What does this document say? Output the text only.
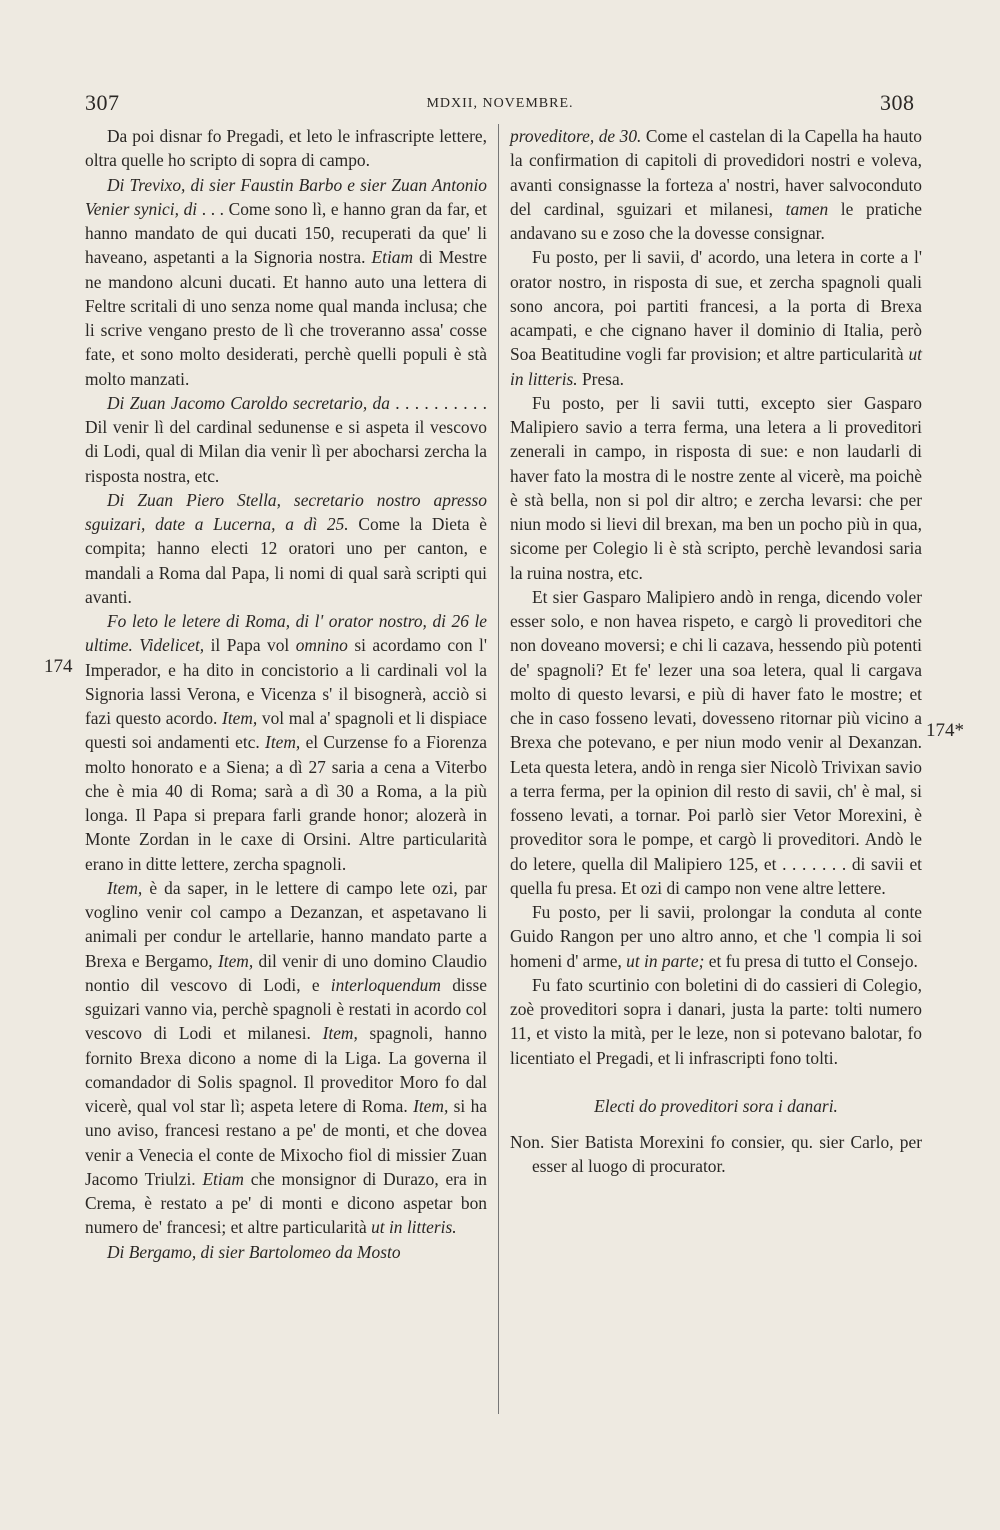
307	MDXII, NOVEMBRE.	308
174
174*

Da poi disnar fo Pregadi, et leto le infrascripte lettere, oltra quelle ho scripto di sopra di campo.

Di Trevixo, di sier Faustin Barbo e sier Zuan Antonio Venier synici, di . . . Come sono lì, e hanno gran da far, et hanno mandato de qui ducati 150, recuperati da que' li haveano, aspetanti a la Signoria nostra. Etiam di Mestre ne mandono alcuni ducati. Et hanno auto una lettera di Feltre scritali di uno senza nome qual manda inclusa; che li scrive vengano presto de lì che troveranno assa' cosse fate, et sono molto desiderati, perchè quelli populi è stà molto manzati.

Di Zuan Jacomo Caroldo secretario, da . . . . . . . . . . Dil venir lì del cardinal sedunense e si aspeta il vescovo di Lodi, qual di Milan dia venir lì per abocharsi zercha la risposta nostra, etc.

Di Zuan Piero Stella, secretario nostro apresso sguizari, date a Lucerna, a dì 25. Come la Dieta è compita; hanno electi 12 oratori uno per canton, e mandali a Roma dal Papa, li nomi di qual sarà scripti qui avanti.

Fo leto le letere di Roma, di l' orator nostro, di 26 le ultime. Videlicet, il Papa vol omnino si acordamo con l' Imperador, e ha dito in concistorio a li cardinali vol la Signoria lassi Verona, e Vicenza s' il bisognerà, acciò si fazi questo acordo. Item, vol mal a' spagnoli et li dispiace questi soi andamenti etc. Item, el Curzense fo a Fiorenza molto honorato e a Siena; a dì 27 saria a cena a Viterbo che è mia 40 di Roma; sarà a dì 30 a Roma, a la più longa. Il Papa si prepara farli grande honor; alozerà in Monte Zordan in le caxe di Orsini. Altre particularità erano in ditte lettere, zercha spagnoli.

Item, è da saper, in le lettere di campo lete ozi, par voglino venir col campo a Dezanzan, et aspetavano li animali per condur le artellarie, hanno mandato parte a Brexa e Bergamo, Item, dil venir di uno domino Claudio nontio dil vescovo di Lodi, e interloquendum disse sguizari vanno via, perchè spagnoli è restati in acordo col vescovo di Lodi et milanesi. Item, spagnoli, hanno fornito Brexa dicono a nome di la Liga. La governa il comandador di Solis spagnol. Il proveditor Moro fo dal vicerè, qual vol star lì; aspeta letere di Roma. Item, si ha uno aviso, francesi restano a pe' de monti, et che dovea venir a Venecia el conte de Mixocho fiol di missier Zuan Jacomo Triulzi. Etiam che monsignor di Durazo, era in Crema, è restato a pe' di monti e dicono aspetar bon numero de' francesi; et altre particularità ut in litteris.

Di Bergamo, di sier Bartolomeo da Mosto

proveditore, de 30. Come el castelan di la Capella ha hauto la confirmation di capitoli di provedidori nostri e voleva, avanti consignasse la forteza a' nostri, haver salvoconduto del cardinal, sguizari et milanesi, tamen le pratiche andavano su e zoso che la dovesse consignar.

Fu posto, per li savii, d' acordo, una letera in corte a l' orator nostro, in risposta di sue, et zercha spagnoli quali sono ancora, poi partiti francesi, a la porta di Brexa acampati, e che cignano haver il dominio di Italia, però Soa Beatitudine vogli far provision; et altre particularità ut in litteris. Presa.

Fu posto, per li savii tutti, excepto sier Gasparo Malipiero savio a terra ferma, una letera a li proveditori zenerali in campo, in risposta di sue: e non laudarli di haver fato la mostra di le nostre zente al vicerè, ma poichè è stà bella, non si pol dir altro; e zercha levarsi: che per niun modo si lievi dil brexan, ma ben un pocho più in qua, sicome per Colegio li è stà scripto, perchè levandosi saria la ruina nostra, etc.

Et sier Gasparo Malipiero andò in renga, dicendo voler esser solo, e non havea rispeto, e cargò li proveditori che non doveano moversi; e chi li cazava, hessendo più potenti de' spagnoli? Et fe' lezer una soa letera, qual li cargava molto di questo levarsi, e più di haver fato le mostre; et che in caso fosseno levati, dovesseno ritornar più vicino a Brexa che potevano, e per niun modo venir al Dexanzan. Leta questa letera, andò in renga sier Nicolò Trivixan savio a terra ferma, per la opinion dil resto di savii, ch' è mal, si fosseno levati, a tornar. Poi parlò sier Vetor Morexini, è proveditor sora le pompe, et cargò li proveditori. Andò le do letere, quella dil Malipiero 125, et . . . . . . . di savii et quella fu presa. Et ozi di campo non vene altre lettere.

Fu posto, per li savii, prolongar la conduta al conte Guido Rangon per uno altro anno, et che 'l compia li soi homeni d' arme, ut in parte; et fu presa di tutto el Consejo.

Fu fato scurtinio con boletini di do cassieri di Colegio, zoè proveditori sopra i danari, justa la parte: tolti numero 11, et visto la mità, per le leze, non si potevano balotar, fo licentiato el Pregadi, et li infrascripti fono tolti.

Electi do proveditori sora i danari.

Non. Sier Batista Morexini fo consier, qu. sier Carlo, per esser al luogo di procurator.
